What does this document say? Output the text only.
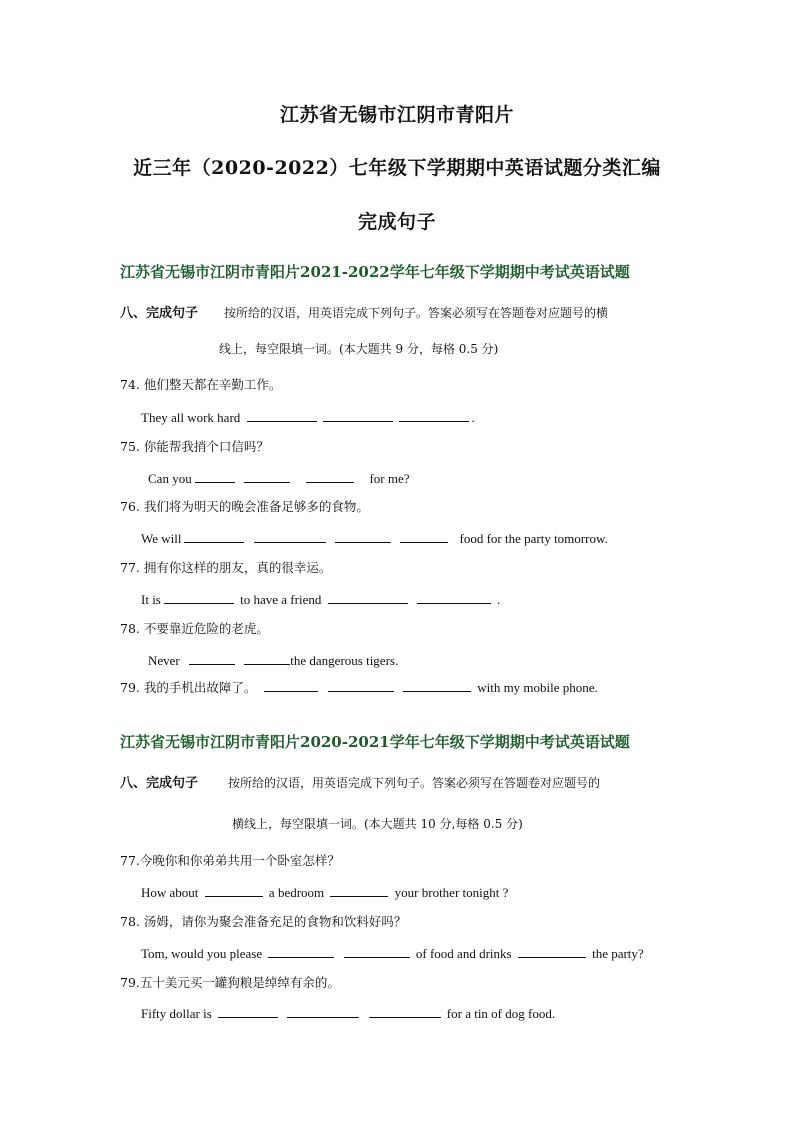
江苏省无锡市江阴市青阳片
近三年（2020-2022）七年级下学期期中英语试题分类汇编
完成句子
江苏省无锡市江阴市青阳片2021-2022学年七年级下学期期中考试英语试题
八、完成句子 按所给的汉语，用英语完成下列句子。答案必须写在答题卷对应题号的横
线上，每空限填一词。(本大题共 9 分，每格 0.5 分)
74. 他们整天都在辛勤工作。
They all work hard	.
75. 你能帮我捎个口信吗？
Can you	for me?
76. 我们将为明天的晚会准备足够多的食物。
We will	food for the party tomorrow.
77. 拥有你这样的朋友，真的很幸运。
It is	to have a friend	.
78. 不要靠近危险的老虎。
Never	the dangerous tigers.
79. 我的手机出故障了。	with my mobile phone.
江苏省无锡市江阴市青阳片2020-2021学年七年级下学期期中考试英语试题
八、完成句子	按所给的汉语，用英语完成下列句子。答案必须写在答题卷对应题号的
横线上，每空限填一词。(本大题共 10 分,每格 0.5 分)
77.今晚你和你弟弟共用一个卧室怎样？
How about	a bedroom	your brother tonight ?
78. 汤姆，请你为聚会准备充足的食物和饮料好吗？
Tom, would you please	of food and drinks	the party?
79.五十美元买一罐狗粮是绰绰有余的。
Fifty dollar is	for a tin of dog food.
